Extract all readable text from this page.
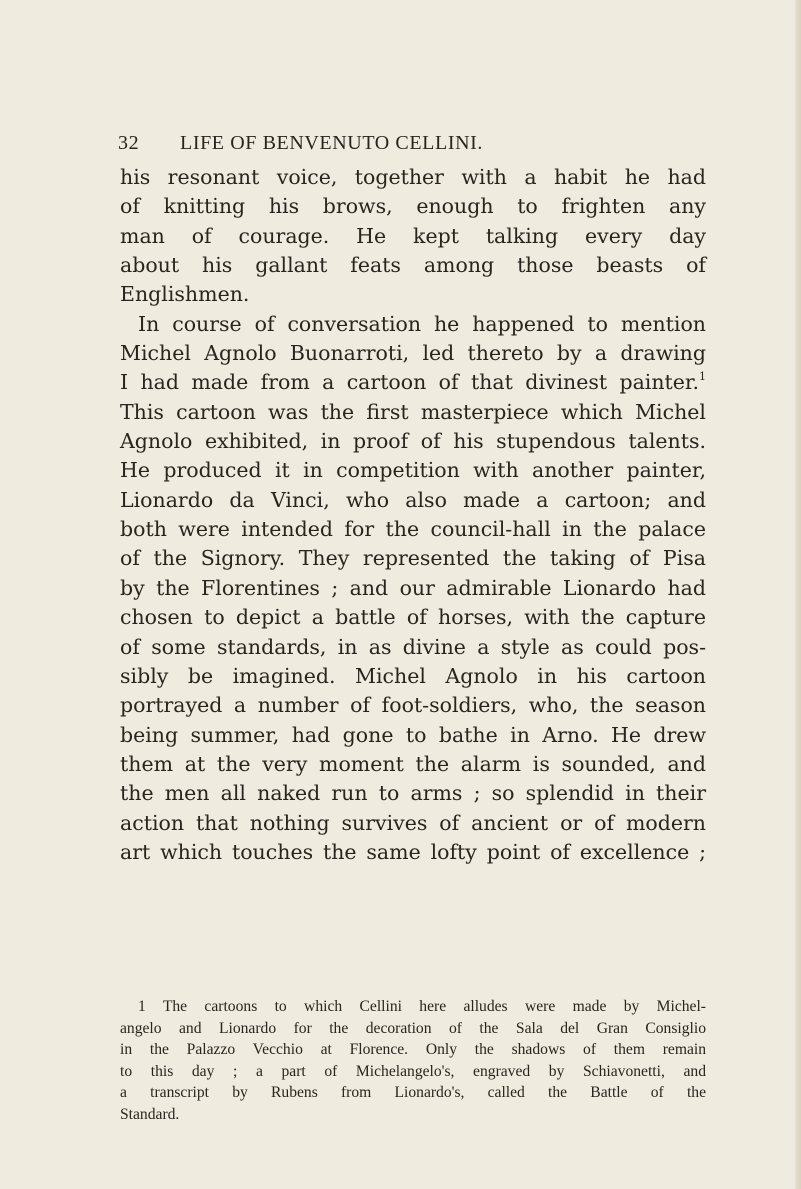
32 LIFE OF BENVENUTO CELLINI.
his resonant voice, together with a habit he had
of knitting his brows, enough to frighten any
man of courage. He kept talking every day
about his gallant feats among those beasts of
Englishmen.
In course of conversation he happened to mention
Michel Agnolo Buonarroti, led thereto by a drawing
I had made from a cartoon of that divinest painter.$^1$
This cartoon was the first masterpiece which Michel
Agnolo exhibited, in proof of his stupendous talents.
He produced it in competition with another painter,
Lionardo da Vinci, who also made a cartoon; and
both were intended for the council-hall in the palace
of the Signory. They represented the taking of Pisa
by the Florentines ; and our admirable Lionardo had
chosen to depict a battle of horses, with the capture
of some standards, in as divine a style as could pos-
sibly be imagined. Michel Agnolo in his cartoon
portrayed a number of foot-soldiers, who, the season
being summer, had gone to bathe in Arno. He drew
them at the very moment the alarm is sounded, and
the men all naked run to arms ; so splendid in their
action that nothing survives of ancient or of modern
art which touches the same lofty point of excellence ;
1 The cartoons to which Cellini here alludes were made by Michel-
angelo and Lionardo for the decoration of the Sala del Gran Consiglio
in the Palazzo Vecchio at Florence. Only the shadows of them remain
to this day ; a part of Michelangelo's, engraved by Schiavonetti, and
a transcript by Rubens from Lionardo's, called the Battle of the
Standard.
